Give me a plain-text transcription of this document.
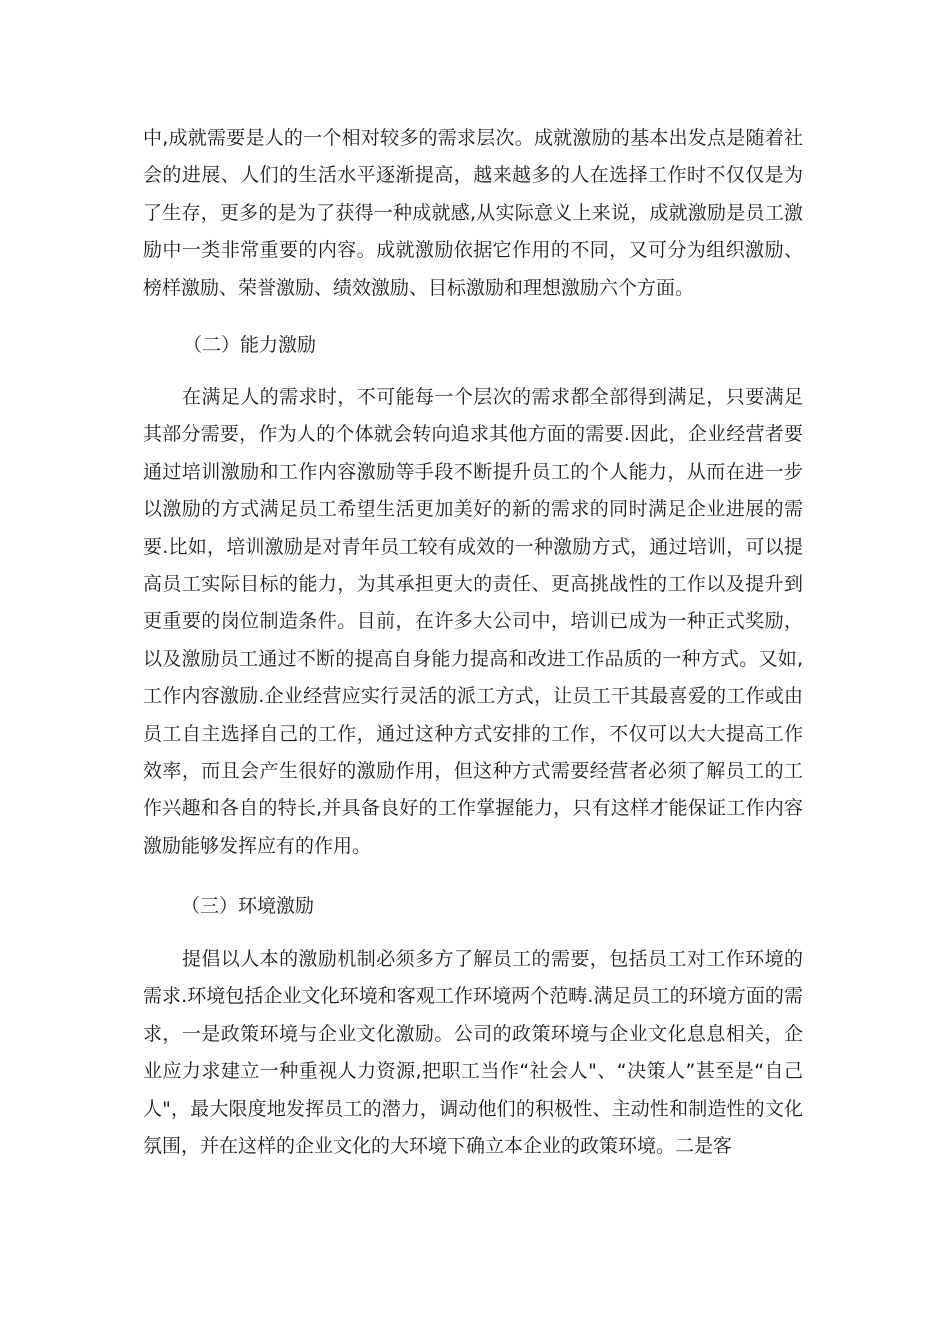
中,成就需要是人的一个相对较多的需求层次。成就激励的基本出发点是随着社会的进展、人们的生活水平逐渐提高，越来越多的人在选择工作时不仅仅是为了生存，更多的是为了获得一种成就感,从实际意义上来说，成就激励是员工激励中一类非常重要的内容。成就激励依据它作用的不同，又可分为组织激励、榜样激励、荣誉激励、绩效激励、目标激励和理想激励六个方面。
（二）能力激励
在满足人的需求时，不可能每一个层次的需求都全部得到满足，只要满足其部分需要，作为人的个体就会转向追求其他方面的需要.因此，企业经营者要通过培训激励和工作内容激励等手段不断提升员工的个人能力，从而在进一步以激励的方式满足员工希望生活更加美好的新的需求的同时满足企业进展的需要.比如，培训激励是对青年员工较有成效的一种激励方式，通过培训，可以提高员工实际目标的能力，为其承担更大的责任、更高挑战性的工作以及提升到更重要的岗位制造条件。目前，在许多大公司中，培训已成为一种正式奖励，以及激励员工通过不断的提高自身能力提高和改进工作品质的一种方式。又如,工作内容激励.企业经营应实行灵活的派工方式，让员工干其最喜爱的工作或由员工自主选择自己的工作，通过这种方式安排的工作，不仅可以大大提高工作效率，而且会产生很好的激励作用，但这种方式需要经营者必须了解员工的工作兴趣和各自的特长,并具备良好的工作掌握能力，只有这样才能保证工作内容激励能够发挥应有的作用。
（三）环境激励
提倡以人本的激励机制必须多方了解员工的需要，包括员工对工作环境的需求.环境包括企业文化环境和客观工作环境两个范畴.满足员工的环境方面的需求，一是政策环境与企业文化激励。公司的政策环境与企业文化息息相关，企业应力求建立一种重视人力资源,把职工当作“社会人"、“决策人”甚至是“自己人"，最大限度地发挥员工的潜力，调动他们的积极性、主动性和制造性的文化氛围，并在这样的企业文化的大环境下确立本企业的政策环境。二是客
